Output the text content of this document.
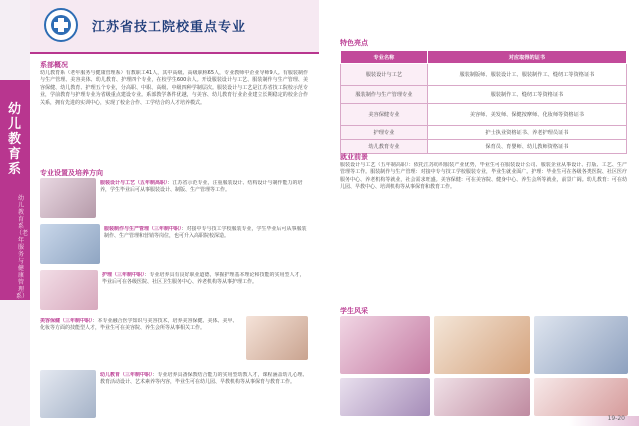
幼儿教育系
幼儿教育系（老年服务与健康管理系）
江苏省技工院校重点专业
系部概况
幼儿教育系（老年服务与健康管理系）有教职工41人，其中高级、高级职称65人，专业教师中企业导师9人。有服装制作与生产管理、美容美体、幼儿教育、护理四个专业，在校学生600余人。开设服装设计与工艺、服装制作与生产管理、美容保健、幼儿教育、护理五个专业，分高职、中职、高级、中级四种学制层次。服装设计与工艺是江苏省技工院校示范专业，学前教育与护理专业为省级重点建设专业。系部教学条件优越，与美容、幼儿教育行业企业建立长期稳定的校企合作关系，拥有先进的实训中心，实现了校企合作、工学结合的人才培养模式。
专业设置及培养方向
服装设计与工艺（五年制高职）：江苏省示范专业，注重服装设计、结构设计与制作能力的培养，学生毕业后可从事服装设计、制版、生产管理等工作。
服装制作与生产管理（三年制中职）：对接中专与技工学校服装专业，学生毕业后可从事服装制作、生产管理和营销等岗位，也可升入高职院校深造。
护理（三年制中职）：专业培养具有良好职业道德，掌握护理基本理论和技能的实用型人才，毕业后可在各级医院、社区卫生服务中心、养老机构等从事护理工作。
美容保健（三年制中职）：本专业融合医学知识与美容技术，培养美容保健、美体、美甲、化妆等方面的技能型人才，毕业生可在美容院、养生会所等从事相关工作。
幼儿教育（三年制中职）：专业培养具备保教结合能力的实用型幼教人才，课程涵盖幼儿心理、教育活动设计、艺术素养等内容，毕业生可在幼儿园、早教机构等从事保育与教育工作。
特色亮点
专业名称	对应取得的证书
服装设计与工艺	服装制版师、服装设计工、服装制作工、缝纫工等资格证书
服装制作与生产管理专业	服装制作工、缝纫工等资格证书
美容保健专业	美容师、美发师、保健按摩师、化妆师等资格证书
护理专业	护士执业资格证书、养老护理员证书
幼儿教育专业	保育员、育婴师、幼儿教师资格证书
就业前景
服装设计与工艺（五年制高职）：依托江苏纺织服装产业优势，毕业生可在服装设计公司、服装企业从事设计、打版、工艺、生产管理等工作。服装制作与生产管理：对接中专与技工学校服装专业，毕业生就业面广。护理：毕业生可在各级各类医院、社区医疗服务中心、养老机构等就业，社会需求旺盛。美容保健：可在美容院、健身中心、养生会所等就业，前景广阔。幼儿教育：可在幼儿园、早教中心、培训机构等从事保育和教育工作。
学生风采
19-20
